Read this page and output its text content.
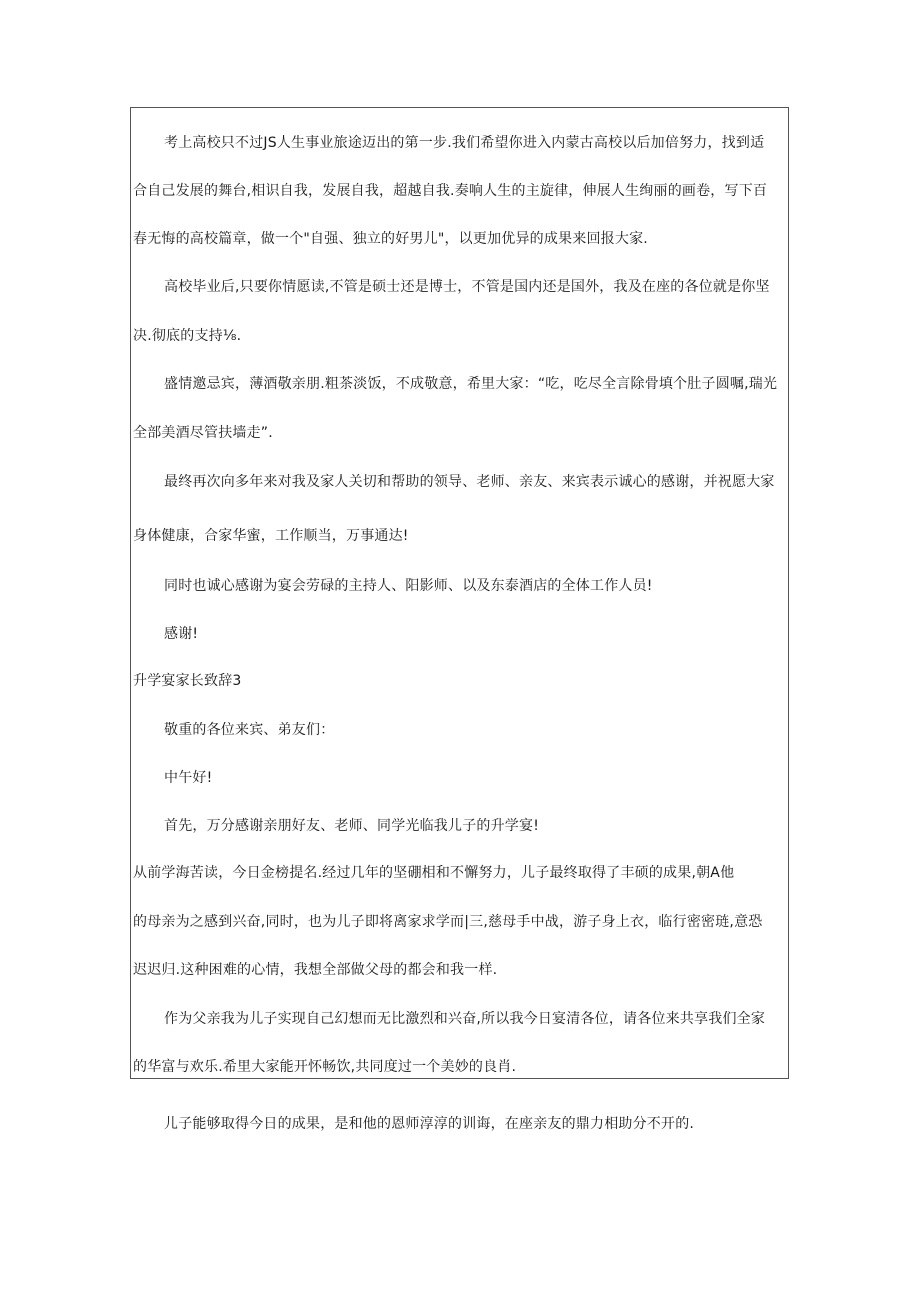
考上高校只不过JS人生事业旅途迈出的第一步.我们希望你进入内蒙古高校以后加倍努力，找到适
合自己发展的舞台,相识自我，发展自我，超越自我.奏响人生的主旋律，伸展人生绚丽的画卷，写下百
春无悔的高校篇章，做一个"自强、独立的好男儿"，以更加优异的成果来回报大家.
高校毕业后,只要你情愿读,不管是硕士还是博士，不管是国内还是国外，我及在座的各位就是你坚
决.彻底的支持⅛.
盛情邀忌宾，薄酒敬亲朋.粗茶淡饭，不成敬意，希里大家：“吃，吃尽全言除骨填个肚子圆嘱,瑞光
全部美酒尽管扶墙走”.
最终再次向多年来对我及家人关切和帮助的领导、老师、亲友、来宾表示诚心的感谢，并祝愿大家
身体健康，合家华蜜，工作顺当，万事通达!
同时也诚心感谢为宴会劳碌的主持人、阳影师、以及东泰酒店的全体工作人员!
感谢!
升学宴家长致辞3
敬重的各位来宾、弟友们：
中午好!
首先，万分感谢亲朋好友、老师、同学光临我儿子的升学宴!
从前学海苦读，今日金榜提名.经过几年的坚硼相和不懈努力，儿子最终取得了丰硕的成果,朝A他
的母亲为之感到兴奋,同时，也为儿子即将离家求学而|三,慈母手中战，游子身上衣，临行密密琏,意恐
迟迟归.这种困难的心情，我想全部做父母的都会和我一样.
作为父亲我为儿子实现自己幻想而无比激烈和兴奋,所以我今日宴清各位，请各位来共享我们全家
的华富与欢乐.希里大家能开怀畅饮,共同度过一个美妙的良肖.
儿子能够取得今日的成果，是和他的恩师淳淳的训诲，在座亲友的鼎力相助分不开的.
